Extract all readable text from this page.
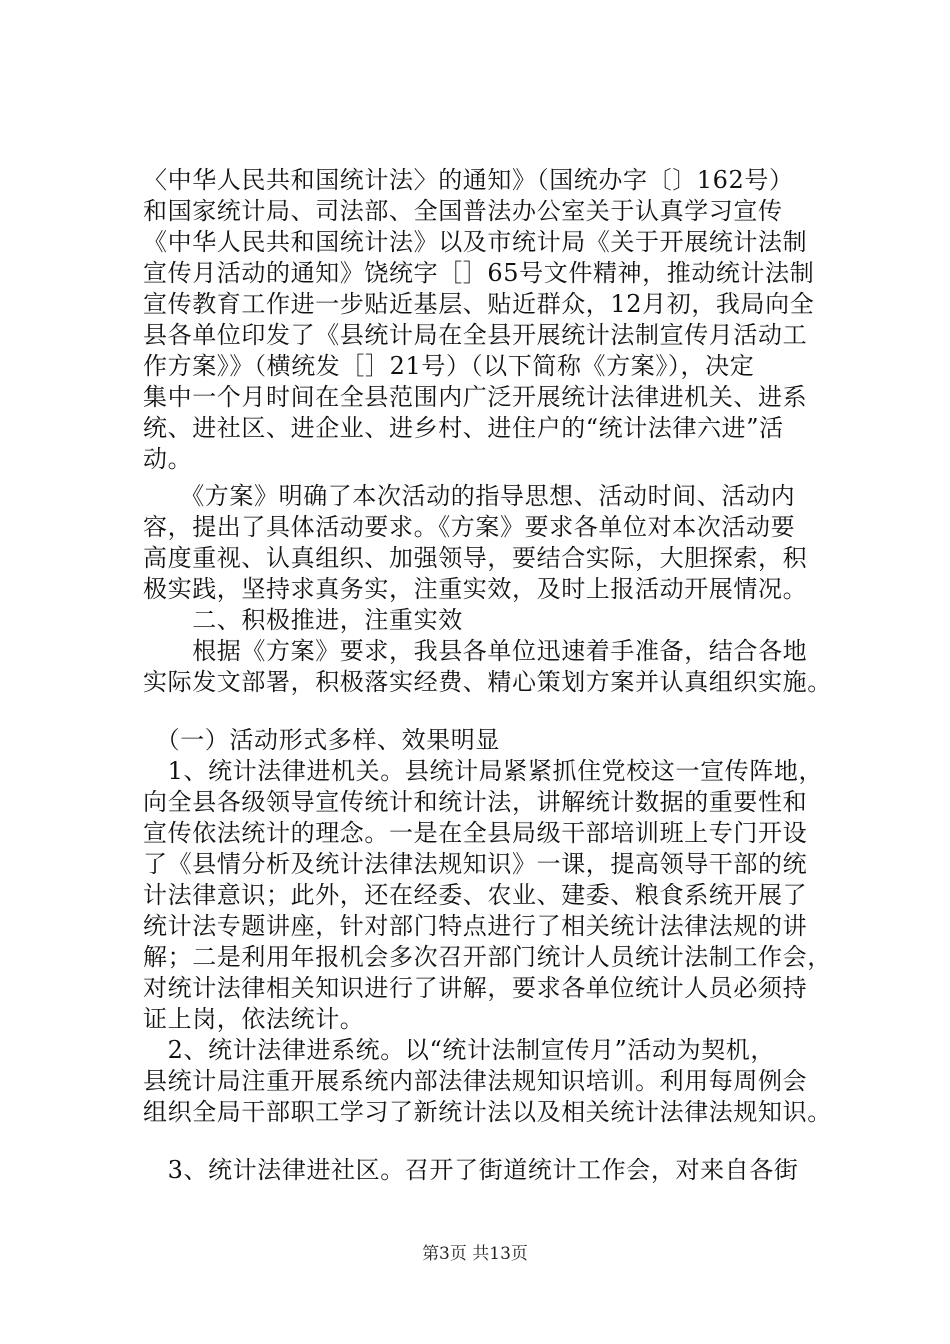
〈中华人民共和国统计法〉的通知》（国统办字〔〕162号）
和国家统计局、司法部、全国普法办公室关于认真学习宣传
《中华人民共和国统计法》以及市统计局《关于开展统计法制
宣传月活动的通知》饶统字［］65号文件精神，推动统计法制
宣传教育工作进一步贴近基层、贴近群众，12月初，我局向全
县各单位印发了《县统计局在全县开展统计法制宣传月活动工
作方案》》（横统发［］21号）（以下简称《方案》），决定
集中一个月时间在全县范围内广泛开展统计法律进机关、进系
统、进社区、进企业、进乡村、进住户的“统计法律六进”活
动。
　　《方案》明确了本次活动的指导思想、活动时间、活动内
容，提出了具体活动要求。《方案》要求各单位对本次活动要
高度重视、认真组织、加强领导，要结合实际，大胆探索，积
极实践，坚持求真务实，注重实效，及时上报活动开展情况。
　　二、积极推进，注重实效
　　根据《方案》要求，我县各单位迅速着手准备，结合各地
实际发文部署，积极落实经费、精心策划方案并认真组织实施。
　（一）活动形式多样、效果明显
　1、统计法律进机关。县统计局紧紧抓住党校这一宣传阵地，
向全县各级领导宣传统计和统计法，讲解统计数据的重要性和
宣传依法统计的理念。一是在全县局级干部培训班上专门开设
了《县情分析及统计法律法规知识》一课，提高领导干部的统
计法律意识；此外，还在经委、农业、建委、粮食系统开展了
统计法专题讲座，针对部门特点进行了相关统计法律法规的讲
解；二是利用年报机会多次召开部门统计人员统计法制工作会，
对统计法律相关知识进行了讲解，要求各单位统计人员必须持
证上岗，依法统计。
　2、统计法律进系统。以“统计法制宣传月”活动为契机，
县统计局注重开展系统内部法律法规知识培训。利用每周例会
组织全局干部职工学习了新统计法以及相关统计法律法规知识。
　3、统计法律进社区。召开了街道统计工作会，对来自各街
第3页 共13页
